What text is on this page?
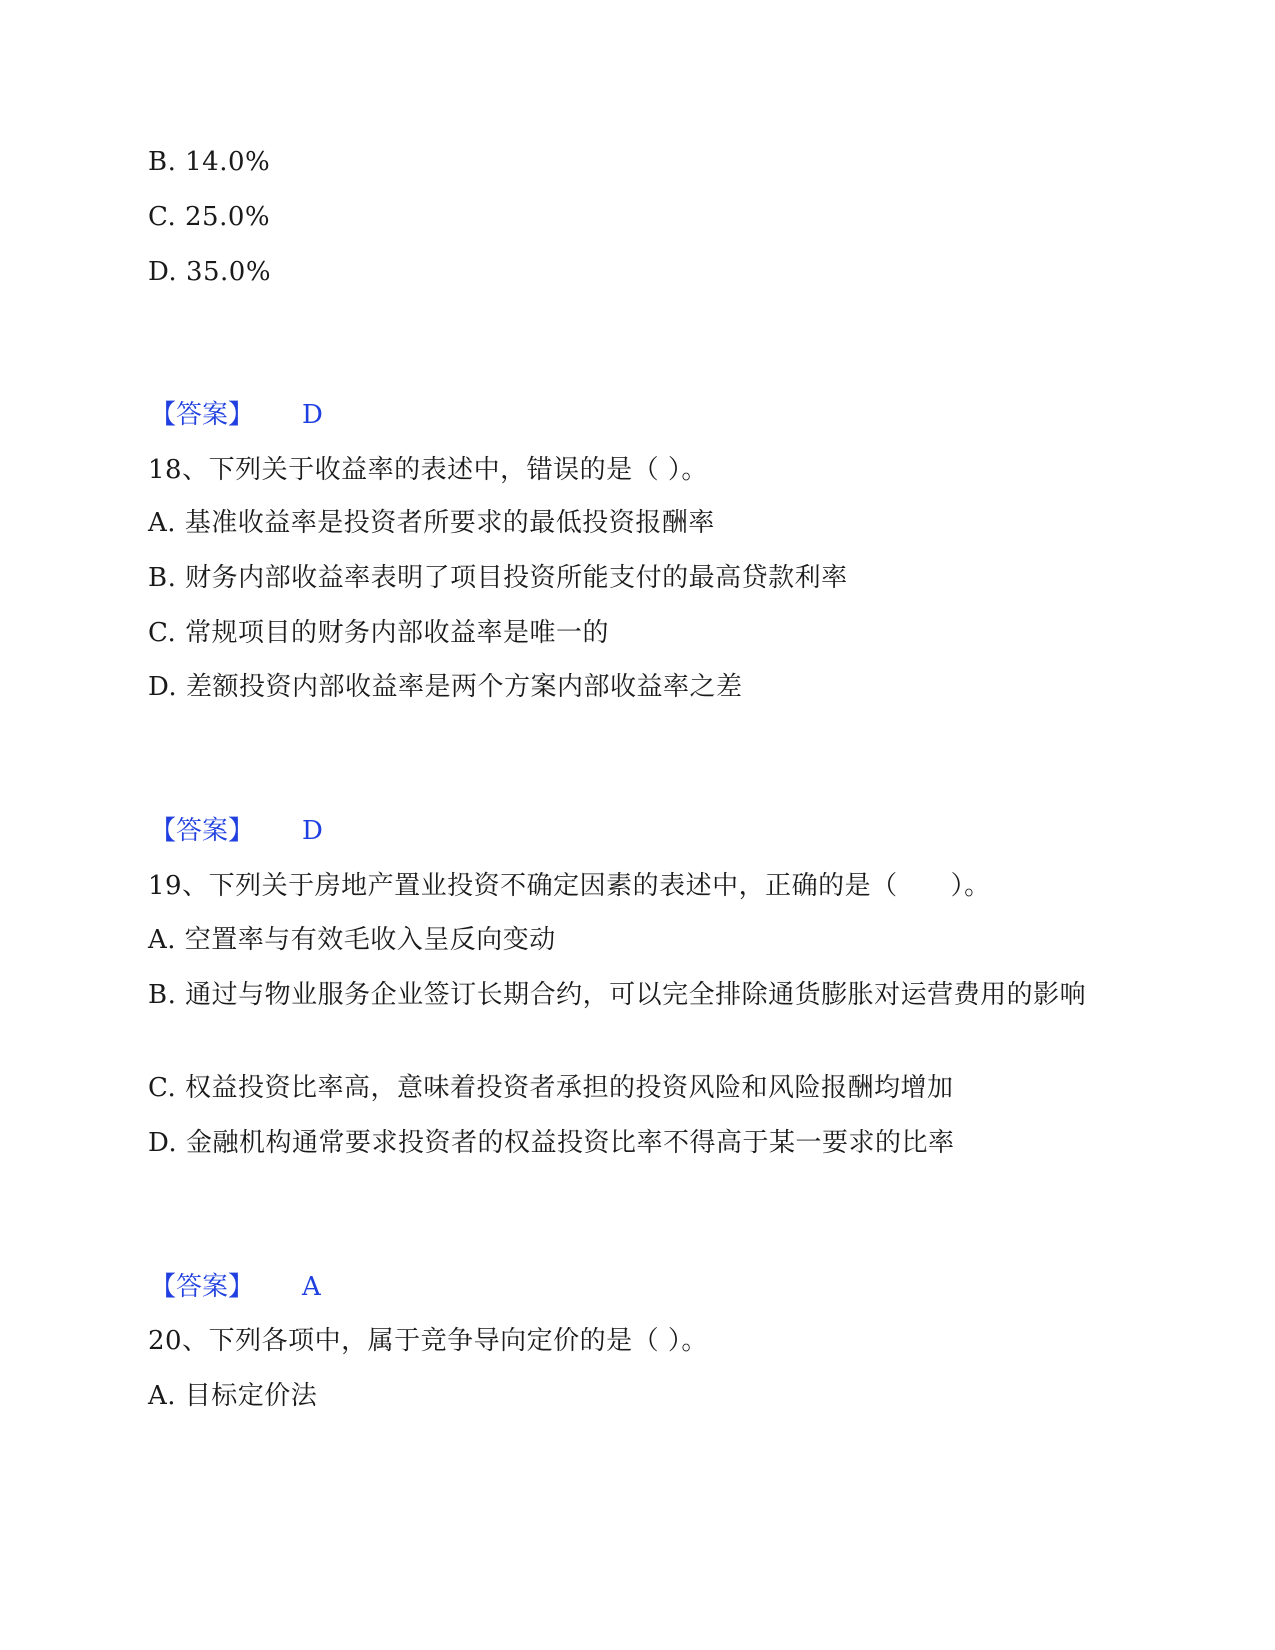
B. 14.0%
C. 25.0%
D. 35.0%
【答案】 D
18、下列关于收益率的表述中，错误的是（ ）。
A. 基准收益率是投资者所要求的最低投资报酬率
B. 财务内部收益率表明了项目投资所能支付的最高贷款利率
C. 常规项目的财务内部收益率是唯一的
D. 差额投资内部收益率是两个方案内部收益率之差
【答案】 D
19、下列关于房地产置业投资不确定因素的表述中，正确的是（　　）。
A. 空置率与有效毛收入呈反向变动
B. 通过与物业服务企业签订长期合约，可以完全排除通货膨胀对运营费用的影响
C. 权益投资比率高，意味着投资者承担的投资风险和风险报酬均增加
D. 金融机构通常要求投资者的权益投资比率不得高于某一要求的比率
【答案】 A
20、下列各项中，属于竞争导向定价的是（ ）。
A. 目标定价法
